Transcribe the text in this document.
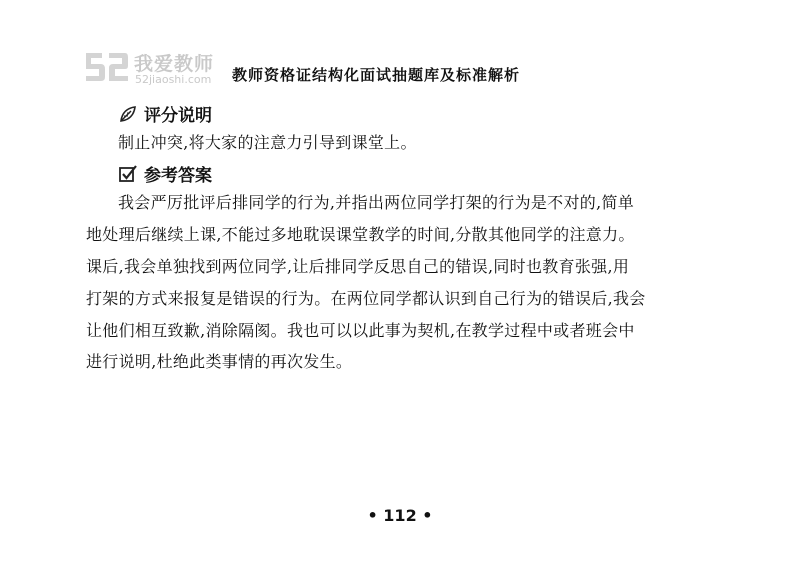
我爱教师
52jiaoshi.com 教师资格证结构化面试抽题库及标准解析
评分说明
制止冲突,将大家的注意力引导到课堂上。
参考答案
我会严厉批评后排同学的行为,并指出两位同学打架的行为是不对的,简单
地处理后继续上课,不能过多地耽误课堂教学的时间,分散其他同学的注意力。
课后,我会单独找到两位同学,让后排同学反思自己的错误,同时也教育张强,用
打架的方式来报复是错误的行为。在两位同学都认识到自己行为的错误后,我会
让他们相互致歉,消除隔阂。我也可以以此事为契机,在教学过程中或者班会中
进行说明,杜绝此类事情的再次发生。
• 112 •
